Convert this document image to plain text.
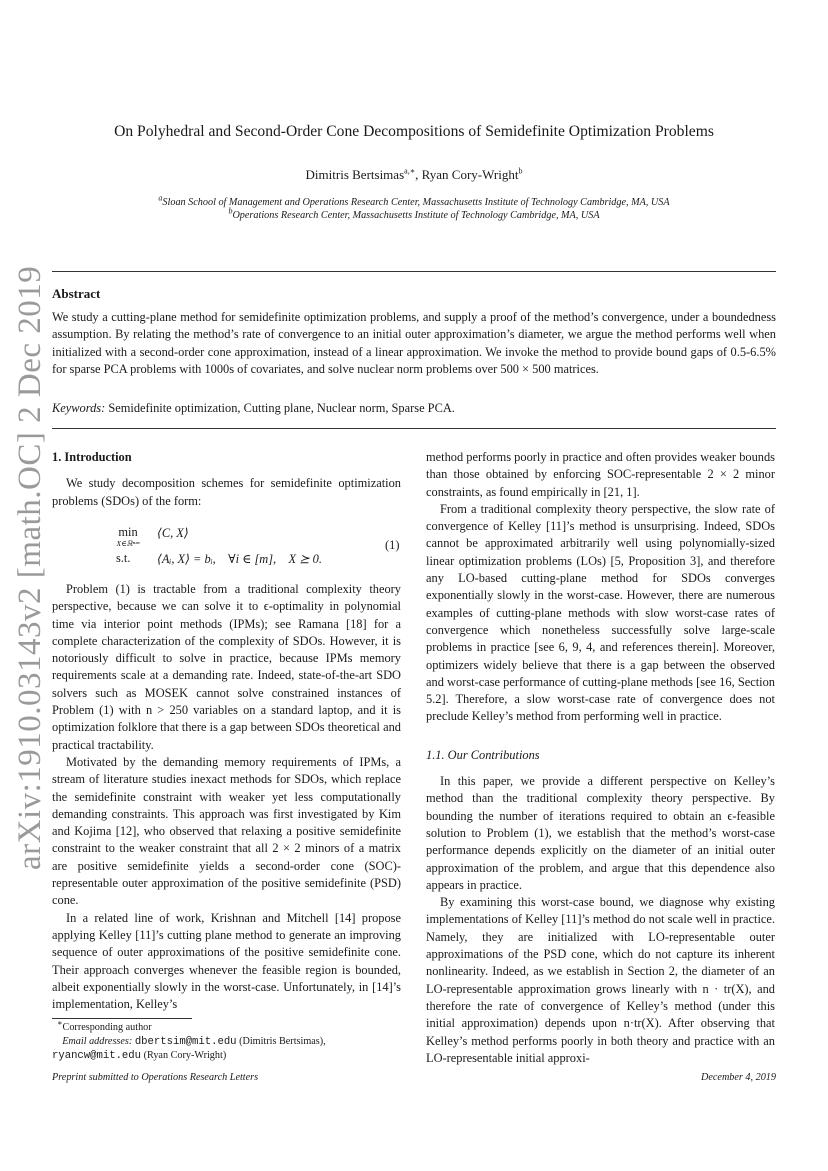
arXiv:1910.03143v2 [math.OC] 2 Dec 2019
On Polyhedral and Second-Order Cone Decompositions of Semidefinite Optimization Problems
Dimitris Bertsimas$^{a,∗}$, Ryan Cory-Wright$^b$
$^a$Sloan School of Management and Operations Research Center, Massachusetts Institute of Technology Cambridge, MA, USA
$^b$Operations Research Center, Massachusetts Institute of Technology Cambridge, MA, USA
Abstract
We study a cutting-plane method for semidefinite optimization problems, and supply a proof of the method’s convergence, under a boundedness assumption. By relating the method’s rate of convergence to an initial outer approximation’s diameter, we argue the method performs well when initialized with a second-order cone approximation, instead of a linear approximation. We invoke the method to provide bound gaps of 0.5-6.5% for sparse PCA problems with 1000s of covariates, and solve nuclear norm problems over 500 × 500 matrices.
Keywords: Semidefinite optimization, Cutting plane, Nuclear norm, Sparse PCA.
1. Introduction

We study decomposition schemes for semidefinite optimization problems (SDOs) of the form:

min
X∈ℝⁿˣⁿ
⟨C, X⟩
s.t. ⟨Aᵢ, X⟩ = bᵢ,    ∀i ∈ [m],    X ⪰ 0.
(1)

Problem (1) is tractable from a traditional complexity theory perspective, because we can solve it to ϵ-optimality in polynomial time via interior point methods (IPMs); see Ramana [18] for a complete characterization of the complexity of SDOs. However, it is notoriously difficult to solve in practice, because IPMs memory requirements scale at a demanding rate. Indeed, state-of-the-art SDO solvers such as MOSEK cannot solve constrained instances of Problem (1) with n > 250 variables on a standard laptop, and it is optimization folklore that there is a gap between SDOs theoretical and practical tractability.

Motivated by the demanding memory requirements of IPMs, a stream of literature studies inexact methods for SDOs, which replace the semidefinite constraint with weaker yet less computationally demanding constraints. This approach was first investigated by Kim and Kojima [12], who observed that relaxing a positive semidefinite constraint to the weaker constraint that all 2 × 2 minors of a matrix are positive semidefinite yields a second-order cone (SOC)-representable outer approximation of the positive semidefinite (PSD) cone.

In a related line of work, Krishnan and Mitchell [14] propose applying Kelley [11]’s cutting plane method to generate an improving sequence of outer approximations of the positive semidefinite cone. Their approach converges whenever the feasible region is bounded, albeit exponentially slowly in the worst-case. Unfortunately, in [14]’s implementation, Kelley’s

∗Corresponding author
Email addresses: dbertsim@mit.edu (Dimitris Bertsimas),
ryancw@mit.edu (Ryan Cory-Wright)

method performs poorly in practice and often provides weaker bounds than those obtained by enforcing SOC-representable 2 × 2 minor constraints, as found empirically in [21, 1].

From a traditional complexity theory perspective, the slow rate of convergence of Kelley [11]’s method is unsurprising. Indeed, SDOs cannot be approximated arbitrarily well using polynomially-sized linear optimization problems (LOs) [5, Proposition 3], and therefore any LO-based cutting-plane method for SDOs converges exponentially slowly in the worst-case. However, there are numerous examples of cutting-plane methods with slow worst-case rates of convergence which nonetheless successfully solve large-scale problems in practice [see 6, 9, 4, and references therein]. Moreover, optimizers widely believe that there is a gap between the observed and worst-case performance of cutting-plane methods [see 16, Section 5.2]. Therefore, a slow worst-case rate of convergence does not preclude Kelley’s method from performing well in practice.

1.1. Our Contributions

In this paper, we provide a different perspective on Kelley’s method than the traditional complexity theory perspective. By bounding the number of iterations required to obtain an ϵ-feasible solution to Problem (1), we establish that the method’s worst-case performance depends explicitly on the diameter of an initial outer approximation of the problem, and argue that this dependence also appears in practice.

By examining this worst-case bound, we diagnose why existing implementations of Kelley [11]’s method do not scale well in practice. Namely, they are initialized with LO-representable outer approximations of the PSD cone, which do not capture its inherent nonlinearity. Indeed, as we establish in Section 2, the diameter of an LO-representable approximation grows linearly with n · tr(X), and therefore the rate of convergence of Kelley’s method (under this initial approximation) depends upon n·tr(X). After observing that Kelley’s method performs poorly in both theory and practice with an LO-representable initial approxi-

Preprint submitted to Operations Research Letters	December 4, 2019
